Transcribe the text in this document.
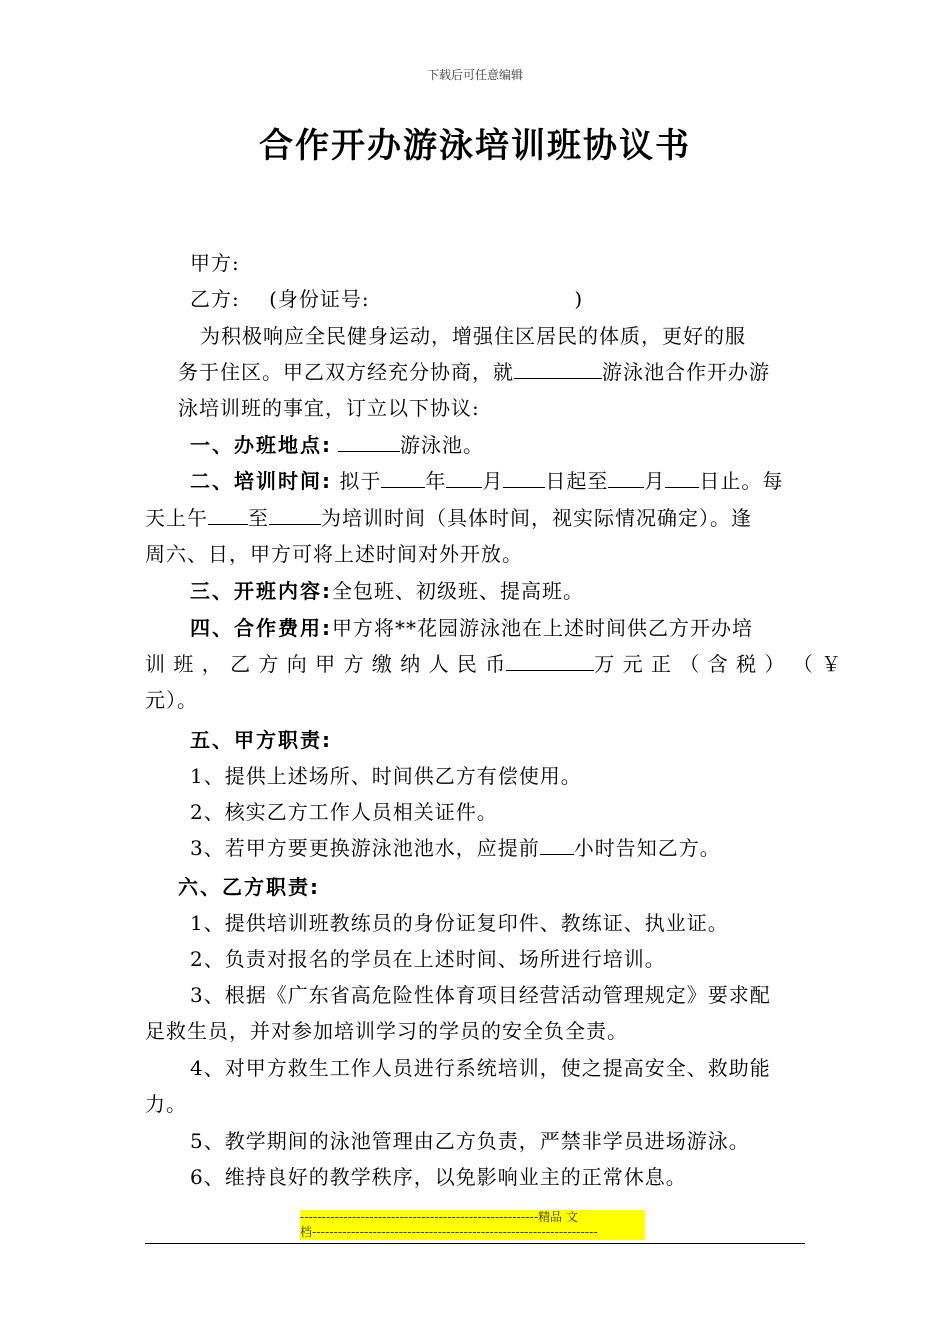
下载后可任意编辑
合作开办游泳培训班协议书
甲方:
乙方: (身份证号:	)
为积极响应全民健身运动，增强住区居民的体质，更好的服
务于住区。甲乙双方经充分协商，就	游泳池合作开办游
泳培训班的事宜，订立以下协议:
一、办班地点:	游泳池。
二、培训时间: 拟于 年 月 日起至 月 日止。每
天上午 至	为培训时间（具体时间，视实际情况确定）。逢
周六、日，甲方可将上述时间对外开放。
三、开班内容:全包班、初级班、提高班。
四、合作费用:甲方将**花园游泳池在上述时间供乙方开办培
训 班 ， 乙 方 向 甲 方 缴 纳 人 民 币	万 元 正 （ 含 税 ） （ ￥
元）。
五、甲方职责:
1、提供上述场所、时间供乙方有偿使用。
2、核实乙方工作人员相关证件。
3、若甲方要更换游泳池池水，应提前 小时告知乙方。
六、乙方职责:
1、提供培训班教练员的身份证复印件、教练证、执业证。
2、负责对报名的学员在上述时间、场所进行培训。
3、根据《广东省高危险性体育项目经营活动管理规定》要求配
足救生员，并对参加培训学习的学员的安全负全责。
4、对甲方救生工作人员进行系统培训，使之提高安全、救助能
力。
5、教学期间的泳池管理由乙方负责，严禁非学员进场游泳。
6、维持良好的教学秩序，以免影响业主的正常休息。
-------------------------------------------------------精品 文
档------------------------------------------------------------------
